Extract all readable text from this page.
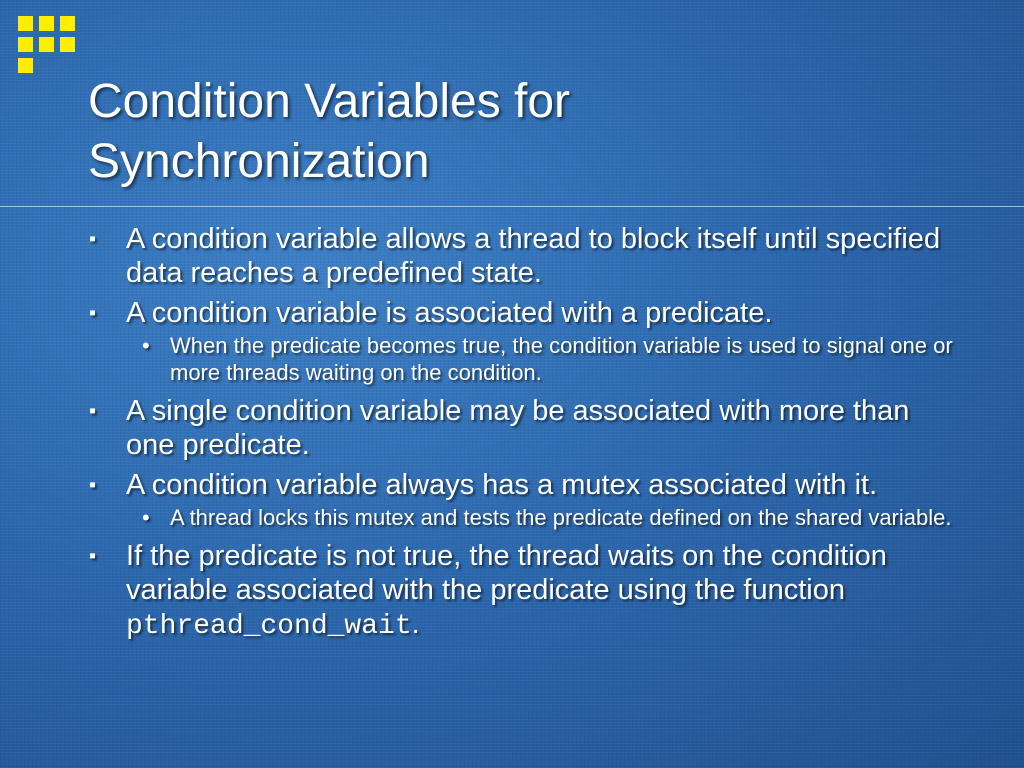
Condition Variables for
Synchronization
▪ A condition variable allows a thread to block itself until specified data reaches a predefined state.
▪ A condition variable is associated with a predicate.
• When the predicate becomes true, the condition variable is used to signal one or more threads waiting on the condition.
▪ A single condition variable may be associated with more than one predicate.
▪ A condition variable always has a mutex associated with it.
• A thread locks this mutex and tests the predicate defined on the shared variable.
▪ If the predicate is not true, the thread waits on the condition variable associated with the predicate using the function pthread_cond_wait.
